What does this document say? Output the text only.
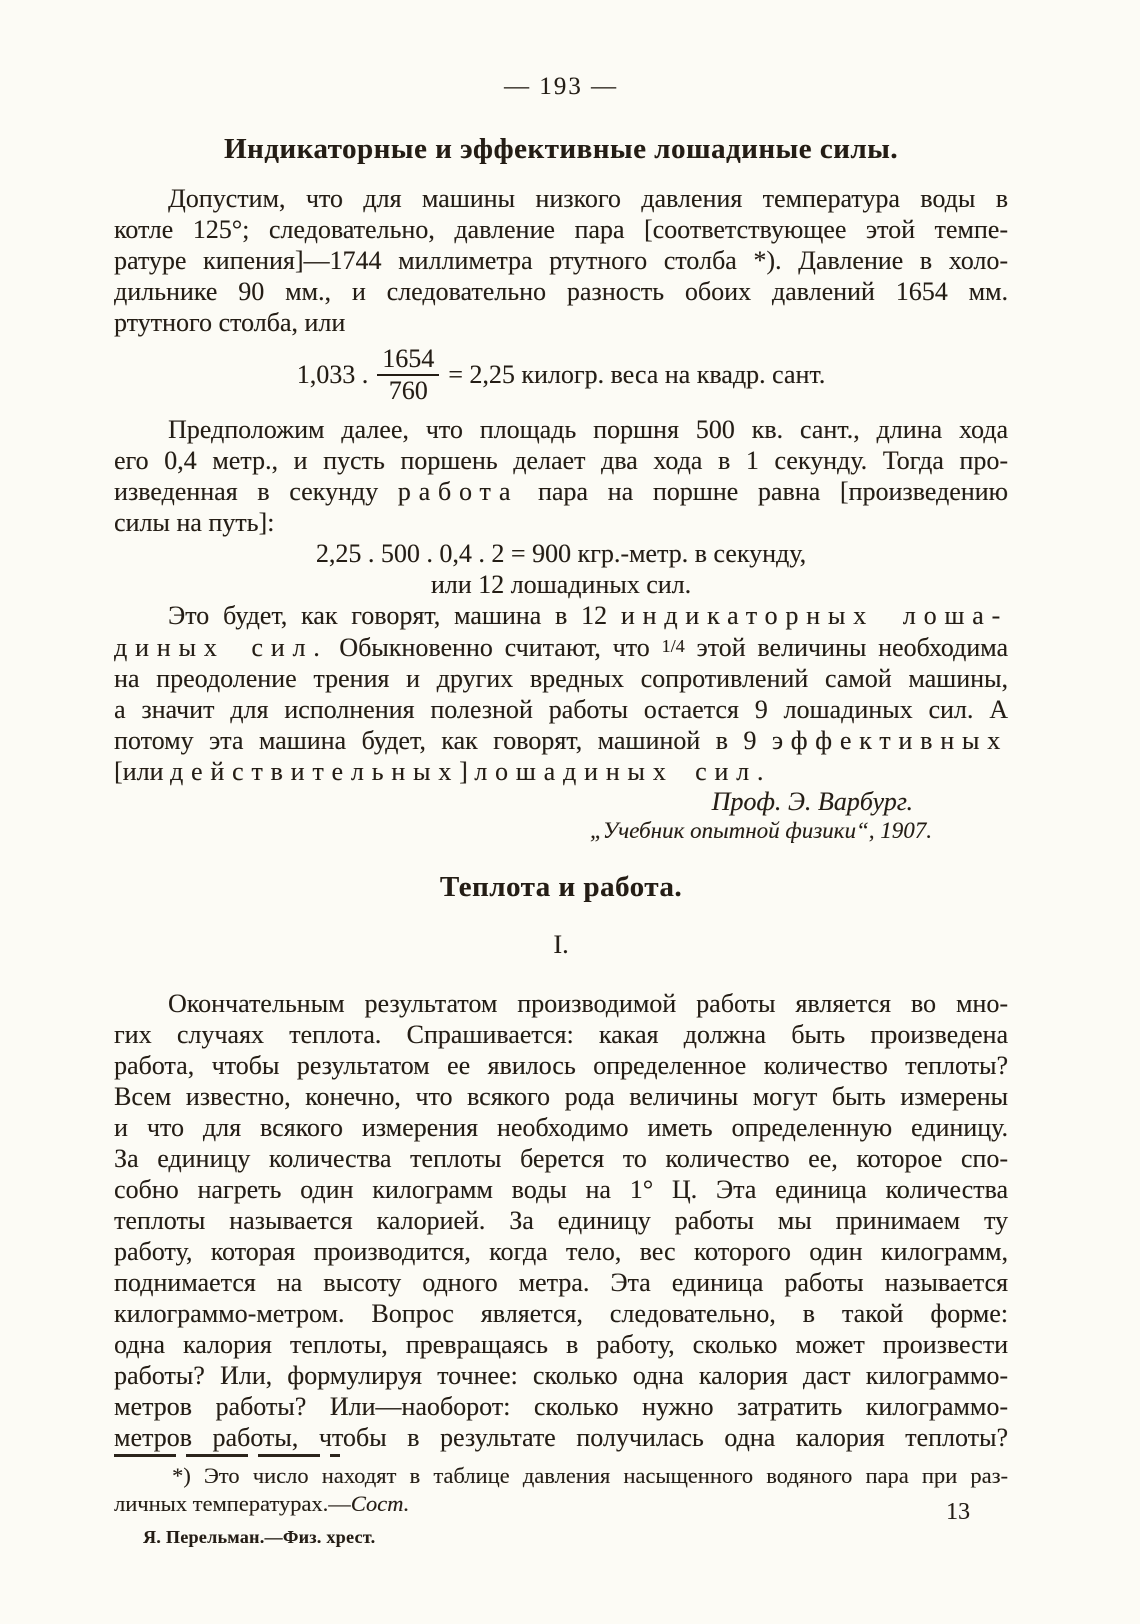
— 193 —
Индикаторные и эффективные лошадиные силы.
Допустим, что для машины низкого давления температура воды в
котле 125°; следовательно, давление пара [соответствующее этой темпе-
ратуре кипения]—1744 миллиметра ртутного столба *). Давление в холо-
дильнике 90 мм., и следовательно разность обоих давлений 1654 мм.
ртутного столба, или
1,033 . $\frac{1654}{760} = 2,25$ килогр. веса на квадр. сант.
Предположим далее, что площадь поршня 500 кв. сант., длина хода
его 0,4 метр., и пусть поршень делает два хода в 1 секунду. Тогда про-
изведенная в секунду работа пара на поршне равна [произведению
силы на путь]:
2,25 . 500 . 0,4 . 2 = 900 кгр.-метр. в секунду,
или 12 лошадиных сил.
Это будет, как говорят, машина в 12 индикаторных лоша-
диных сил. Обыкновенно считают, что 1/4 этой величины необходима
на преодоление трения и других вредных сопротивлений самой машины,
а значит для исполнения полезной работы остается 9 лошадиных сил. А
потому эта машина будет, как говорят, машиной в 9 эффективных
[или действительных] лошадиных сил.
Проф. Э. Варбург.
„Учебник опытной физики“, 1907.
Теплота и работа.
I.
Окончательным результатом производимой работы является во мно-
гих случаях теплота. Спрашивается: какая должна быть произведена
работа, чтобы результатом ее явилось определенное количество теплоты?
Всем известно, конечно, что всякого рода величины могут быть измерены
и что для всякого измерения необходимо иметь определенную единицу.
За единицу количества теплоты берется то количество ее, которое спо-
собно нагреть один килограмм воды на 1° Ц. Эта единица количества
теплоты называется калорией. За единицу работы мы принимаем ту
работу, которая производится, когда тело, вес которого один килограмм,
поднимается на высоту одного метра. Эта единица работы называется
килограммо-метром. Вопрос является, следовательно, в такой форме:
одна калория теплоты, превращаясь в работу, сколько может произвести
работы? Или, формулируя точнее: сколько одна калория даст килограммо-
метров работы? Или—наоборот: сколько нужно затратить килограммо-
метров работы, чтобы в результате получилась одна калория теплоты?
*) Это число находят в таблице давления насыщенного водяного пара при раз-
личных температурах.—Сост.
Я. Перельман.—Физ. хрест.
13
